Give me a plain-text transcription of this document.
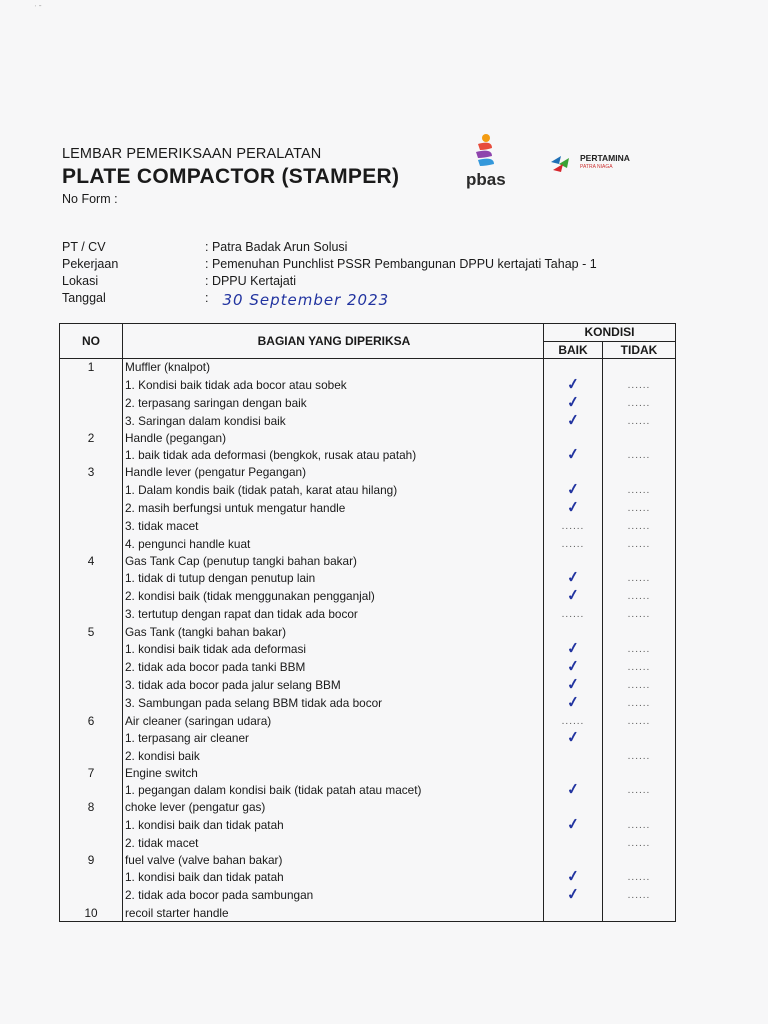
ʾ ˉ
LEMBAR PEMERIKSAAN PERALATAN
PLATE COMPACTOR (STAMPER)
No Form :
pbas
PERTAMINA
PATRA NIAGA
PT / CV	: Patra Badak Arun Solusi
Pekerjaan	: Pemenuhan Punchlist PSSR Pembangunan DPPU kertajati Tahap - 1
Lokasi	: DPPU Kertajati
Tanggal	: 30 September 2023
NO	BAGIAN YANG DIPERIKSA	KONDISI	
		BAIK	TIDAK
1	Muffler (knalpot)		
	1. Kondisi baik tidak ada bocor atau sobek	✓	......
	2. terpasang saringan dengan baik	✓	......
	3. Saringan dalam kondisi baik	✓	......
2	Handle (pegangan)		
	1. baik tidak ada deformasi (bengkok, rusak atau patah)	✓	......
3	Handle lever (pengatur Pegangan)		
	1. Dalam kondis baik (tidak patah, karat atau hilang)	✓	......
	2. masih berfungsi untuk mengatur handle	✓	......
	3. tidak macet	......	......
	4. pengunci handle kuat	......	......
4	Gas Tank Cap (penutup tangki bahan bakar)		
	1. tidak di tutup dengan penutup lain	✓	......
	2. kondisi baik (tidak menggunakan pengganjal)	✓	......
	3. tertutup dengan rapat dan tidak ada bocor	......	......
5	Gas Tank (tangki bahan bakar)		
	1. kondisi baik tidak ada deformasi	✓	......
	2. tidak ada bocor pada tanki BBM	✓	......
	3. tidak ada bocor pada jalur selang BBM	✓	......
	3. Sambungan pada selang BBM tidak ada bocor	✓	......
6	Air cleaner (saringan udara)	......	......
	1. terpasang air cleaner	✓	
	2. kondisi baik		......
7	Engine switch		
	1. pegangan dalam kondisi baik (tidak patah atau macet)	✓	......
8	choke lever (pengatur gas)		
	1. kondisi baik dan tidak patah	✓	......
	2. tidak macet		......
9	fuel valve (valve bahan bakar)		
	1. kondisi baik dan tidak patah	✓	......
	2. tidak ada bocor pada sambungan	✓	......
10	recoil starter handle		
